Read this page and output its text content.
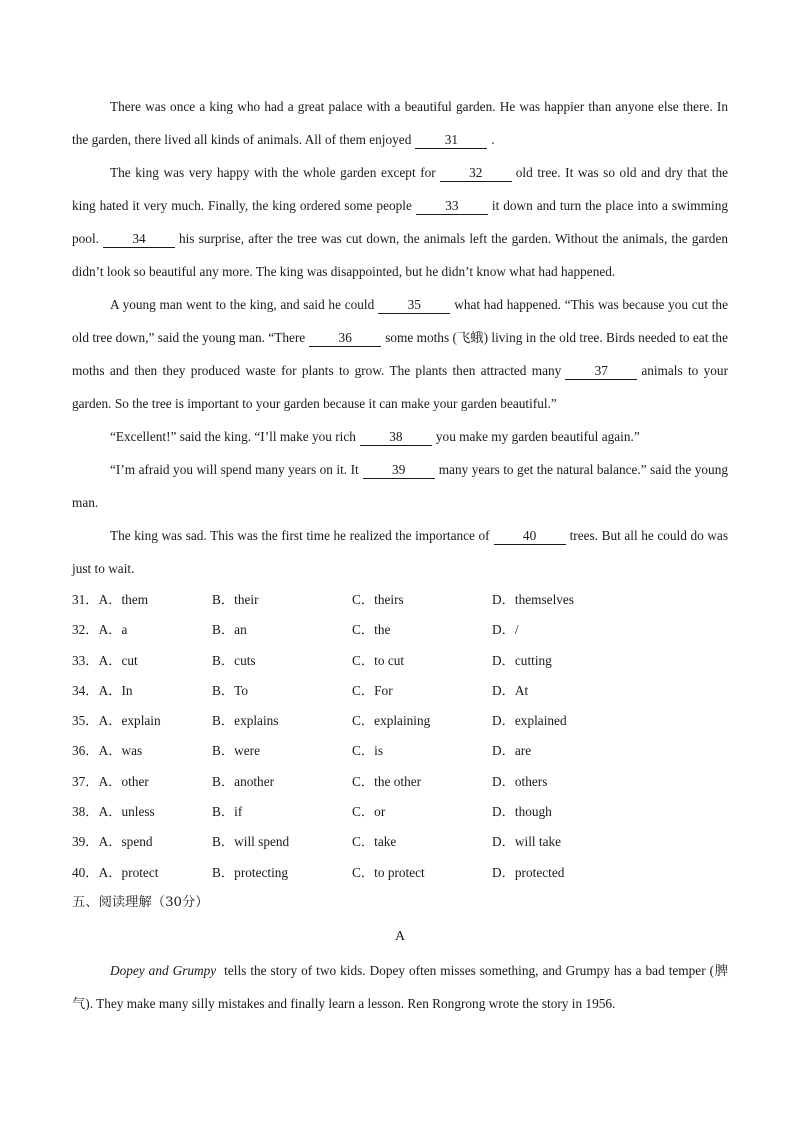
There was once a king who had a great palace with a beautiful garden. He was happier than anyone else there. In the garden, there lived all kinds of animals. All of them enjoyed	31	.

The king was very happy with the whole garden except for	32	old tree. It was so old and dry that the king hated it very much. Finally, the king ordered some people	33	it down and turn the place into a swimming pool.	34	his surprise, after the tree was cut down, the animals left the garden. Without the animals, the garden didn’t look so beautiful any more. The king was disappointed, but he didn’t know what had happened.

A young man went to the king, and said he could	35	what had happened. “This was because you cut the old tree down,” said the young man. “There	36	some moths (飞蛾) living in the old tree. Birds needed to eat the moths and then they produced waste for plants to grow. The plants then attracted many	37	animals to your garden. So the tree is important to your garden because it can make your garden beautiful.”

“Excellent!” said the king. “I’ll make you rich	38	you make my garden beautiful again.”

“I’m afraid you will spend many years on it. It	39	many years to get the natural balance.” said the young man.

The king was sad. This was the first time he realized the importance of	40	trees. But all he could do was just to wait.

31．A．them	B．their	C．theirs	D．themselves
32．A．a	B．an	C．the	D．/
33．A．cut	B．cuts	C．to cut	D．cutting
34．A．In	B．To	C．For	D．At
35．A．explain	B．explains	C．explaining	D．explained
36．A．was	B．were	C．is	D．are
37．A．other	B．another	C．the other	D．others
38．A．unless	B．if	C．or	D．though
39．A．spend	B．will spend	C．take	D．will take
40．A．protect	B．protecting	C．to protect	D．protected
五、阅读理解（30分）
A

Dopey and Grumpy tells the story of two kids. Dopey often misses something, and Grumpy has a bad temper (脾气). They make many silly mistakes and finally learn a lesson. Ren Rongrong wrote the story in 1956.
